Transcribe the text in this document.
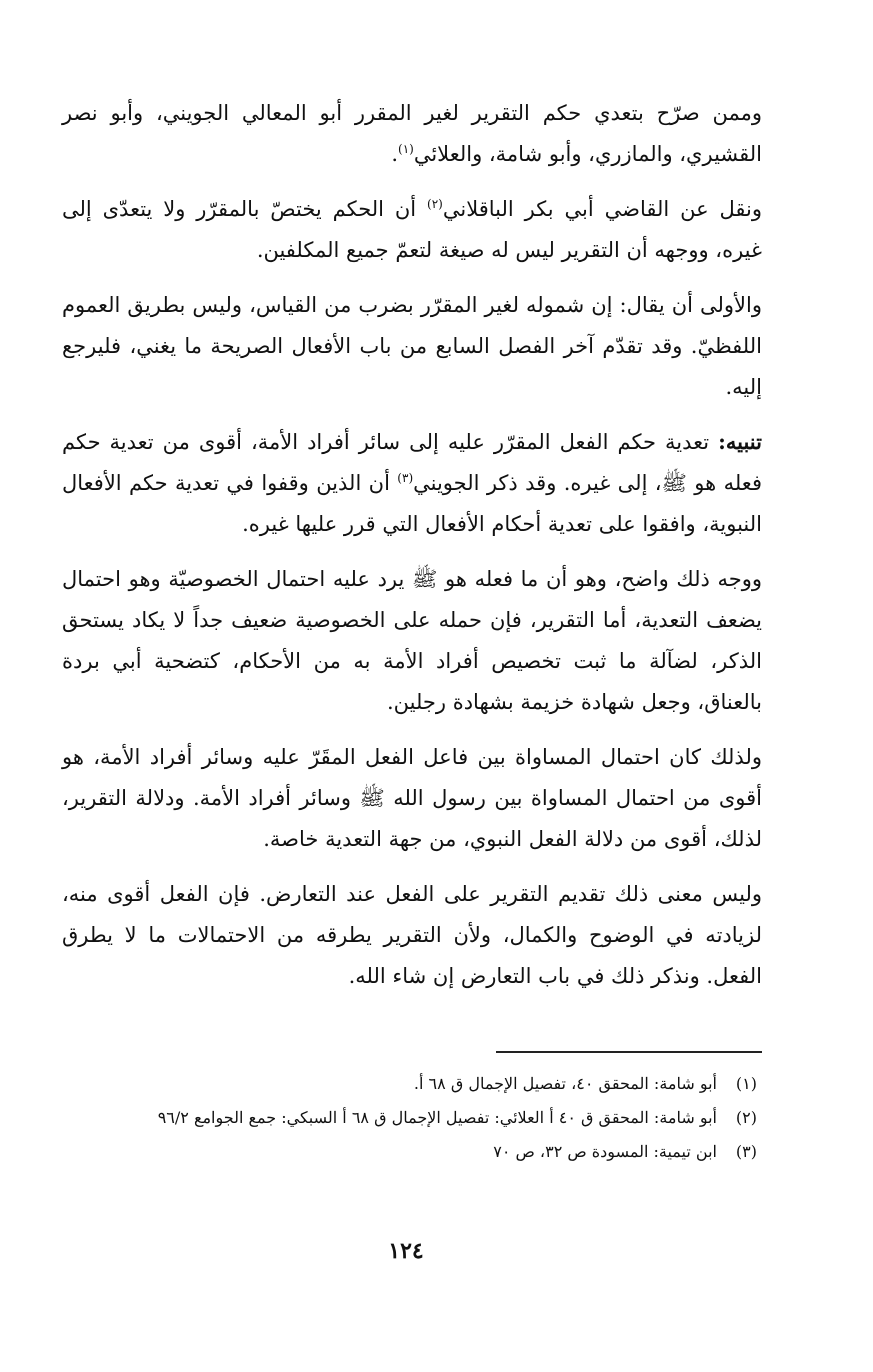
وممن صرّح بتعدي حكم التقرير لغير المقرر أبو المعالي الجويني، وأبو نصر القشيري، والمازري، وأبو شامة، والعلائي$^{(١)}$.

ونقل عن القاضي أبي بكر الباقلاني$^{(٢)}$ أن الحكم يختصّ بالمقرّر ولا يتعدّى إلى غيره، ووجهه أن التقرير ليس له صيغة لتعمّ جميع المكلفين.

والأولى أن يقال: إن شموله لغير المقرّر بضرب من القياس، وليس بطريق العموم اللفظيّ. وقد تقدّم آخر الفصل السابع من باب الأفعال الصريحة ما يغني، فليرجع إليه.

تنبيه: تعدية حكم الفعل المقرّر عليه إلى سائر أفراد الأمة، أقوى من تعدية حكم فعله هو ﷺ، إلى غيره. وقد ذكر الجويني$^{(٣)}$ أن الذين وقفوا في تعدية حكم الأفعال النبوية، وافقوا على تعدية أحكام الأفعال التي قرر عليها غيره.

ووجه ذلك واضح، وهو أن ما فعله هو ﷺ يرد عليه احتمال الخصوصيّة وهو احتمال يضعف التعدية، أما التقرير، فإن حمله على الخصوصية ضعيف جداً لا يكاد يستحق الذكر، لضآلة ما ثبت تخصيص أفراد الأمة به من الأحكام، كتضحية أبي بردة بالعناق، وجعل شهادة خزيمة بشهادة رجلين.

ولذلك كان احتمال المساواة بين فاعل الفعل المقَرّ عليه وسائر أفراد الأمة، هو أقوى من احتمال المساواة بين رسول الله ﷺ وسائر أفراد الأمة. ودلالة التقرير، لذلك، أقوى من دلالة الفعل النبوي، من جهة التعدية خاصة.

وليس معنى ذلك تقديم التقرير على الفعل عند التعارض. فإن الفعل أقوى منه، لزيادته في الوضوح والكمال، ولأن التقرير يطرقه من الاحتمالات ما لا يطرق الفعل. ونذكر ذلك في باب التعارض إن شاء الله.

(١)
أبو شامة: المحقق ٤٠، تفصيل الإجمال ق ٦٨ أ.
(٢)
أبو شامة: المحقق ق ٤٠ أ العلائي: تفصيل الإجمال ق ٦٨ أ السبكي: جمع الجوامع ٩٦/٢
(٣)
ابن تيمية: المسودة ص ٣٢، ص ٧٠
١٢٤
